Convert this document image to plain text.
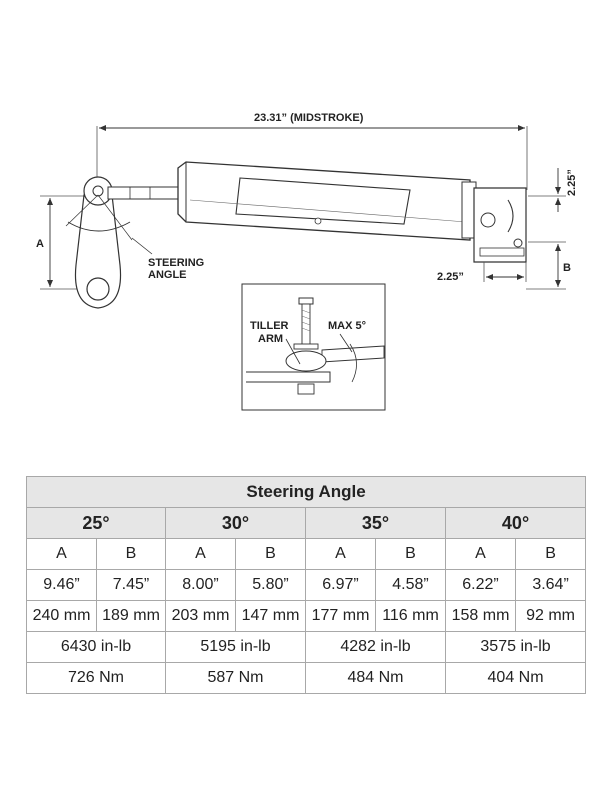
23.31” (MIDSTROKE)
A
STEERING
ANGLE
2.25”
B
2.25”
TILLER
ARM
MAX 5°
Steering Angle							
25°		30°		35°		40°	
A	B	A	B	A	B	A	B
9.46”	7.45”	8.00”	5.80”	6.97”	4.58”	6.22”	3.64”
240 mm	189 mm	203 mm	147 mm	177 mm	116 mm	158 mm	92 mm
6430 in-lb		5195 in-lb		4282 in-lb		3575 in-lb	
726 Nm		587 Nm		484 Nm		404 Nm	
